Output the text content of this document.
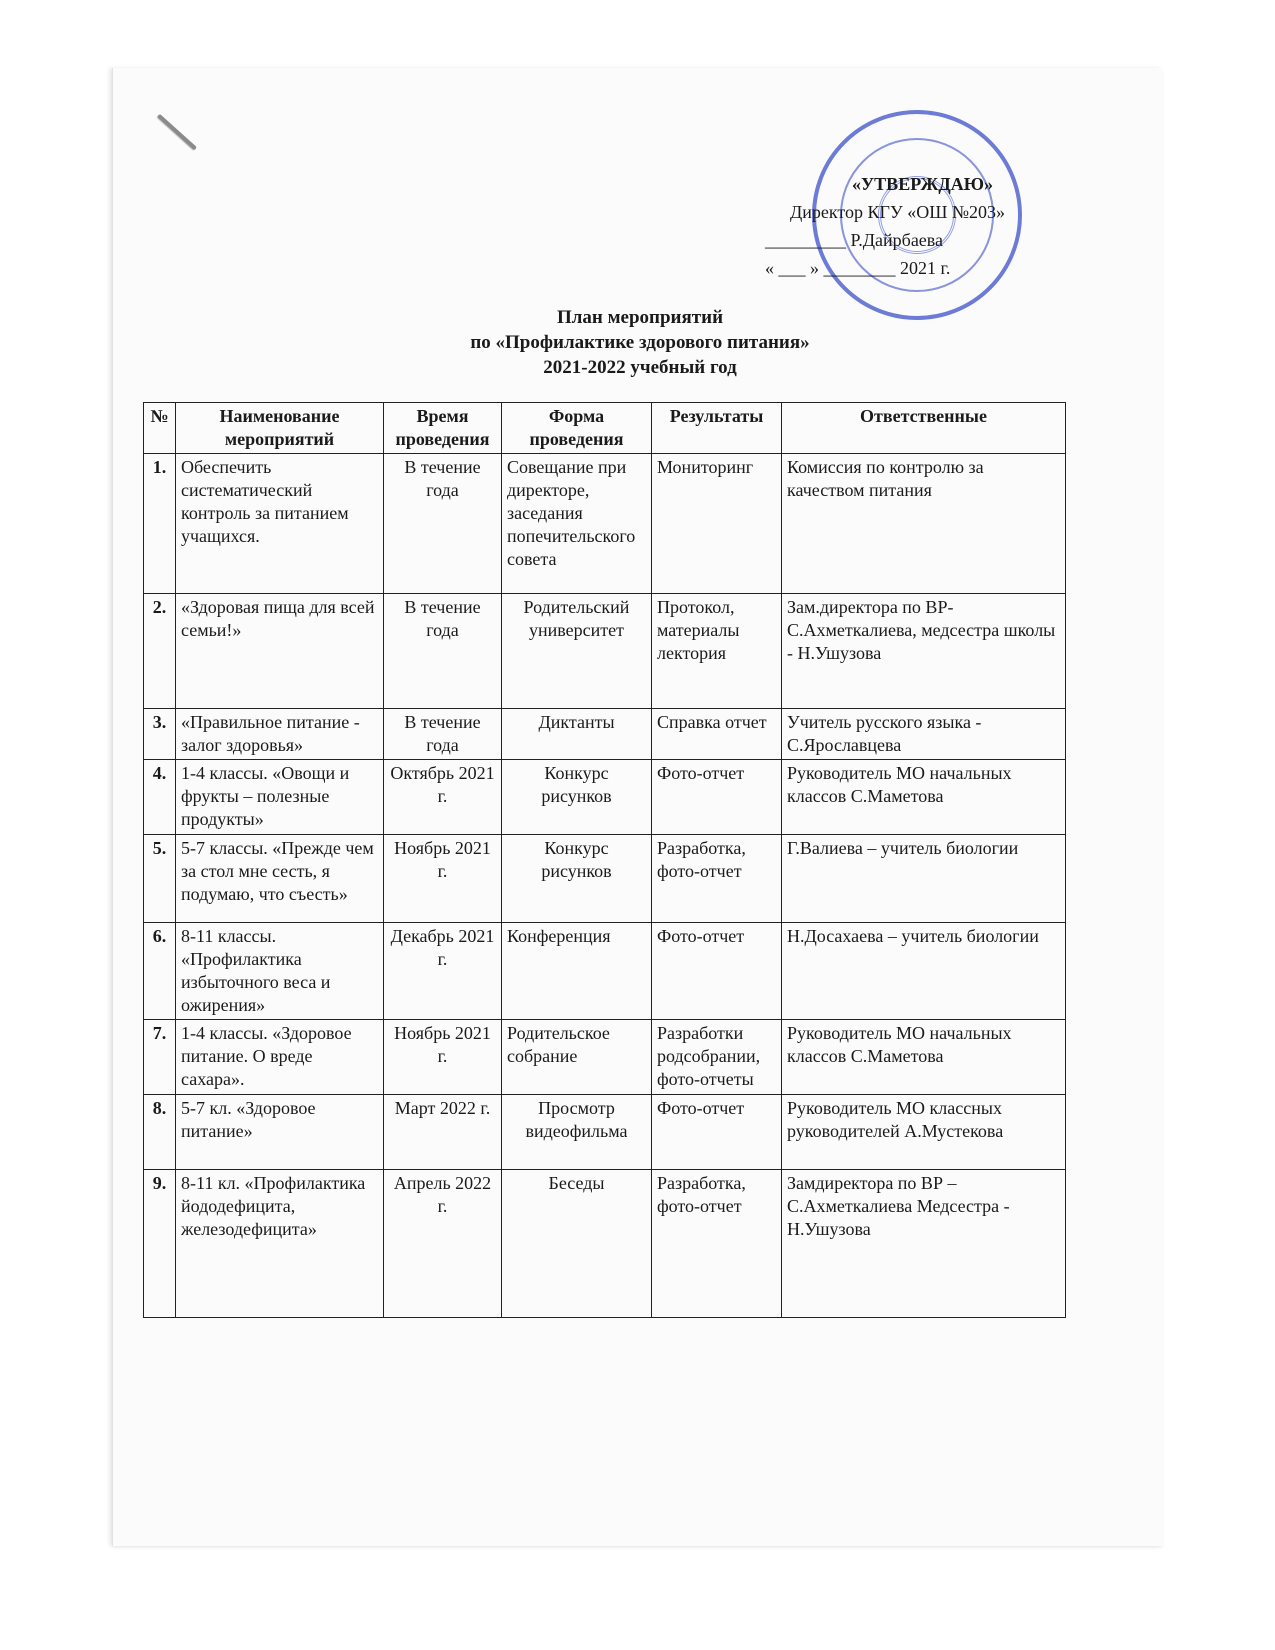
«УТВЕРЖДАЮ»
Директор КГУ «ОШ №203»
_________ Р.Дайрбаева
« ___ » ________ 2021 г.
План мероприятий
по «Профилактике здорового питания»
2021-2022 учебный год
№	Наименование мероприятий	Время проведения	Форма проведения	Результаты	Ответственные
1.	Обеспечить систематический контроль за питанием учащихся.	В течение года	Совещание при директоре, заседания попечительского совета	Мониторинг	Комиссия по контролю за качеством питания
2.	«Здоровая пища для всей семьи!»	В течение года	Родительский университет	Протокол, материалы лектория	Зам.директора по ВР- С.Ахметкалиева, медсестра школы - Н.Ушузова
3.	«Правильное питание - залог здоровья»	В течение года	Диктанты	Справка отчет	Учитель русского языка - С.Ярославцева
4.	1-4 классы. «Овощи и фрукты – полезные продукты»	Октябрь 2021 г.	Конкурс рисунков	Фото-отчет	Руководитель МО начальных классов С.Маметова
5.	5-7 классы. «Прежде чем за стол мне сесть, я подумаю, что съесть»	Ноябрь 2021 г.	Конкурс рисунков	Разработка, фото-отчет	Г.Валиева – учитель биологии
6.	8-11 классы. «Профилактика избыточного веса и ожирения»	Декабрь 2021 г.	Конференция	Фото-отчет	Н.Досахаева – учитель биологии
7.	1-4 классы. «Здоровое питание. О вреде сахара».	Ноябрь 2021 г.	Родительское собрание	Разработки родсобрании, фото-отчеты	Руководитель МО начальных классов С.Маметова
8.	5-7 кл. «Здоровое питание»	Март 2022 г.	Просмотр видеофильма	Фото-отчет	Руководитель МО классных руководителей А.Мустекова
9.	8-11 кл. «Профилактика йододефицита, железодефицита»	Апрель 2022 г.	Беседы	Разработка, фото-отчет	Замдиректора по ВР – С.Ахметкалиева Медсестра - Н.Ушузова
